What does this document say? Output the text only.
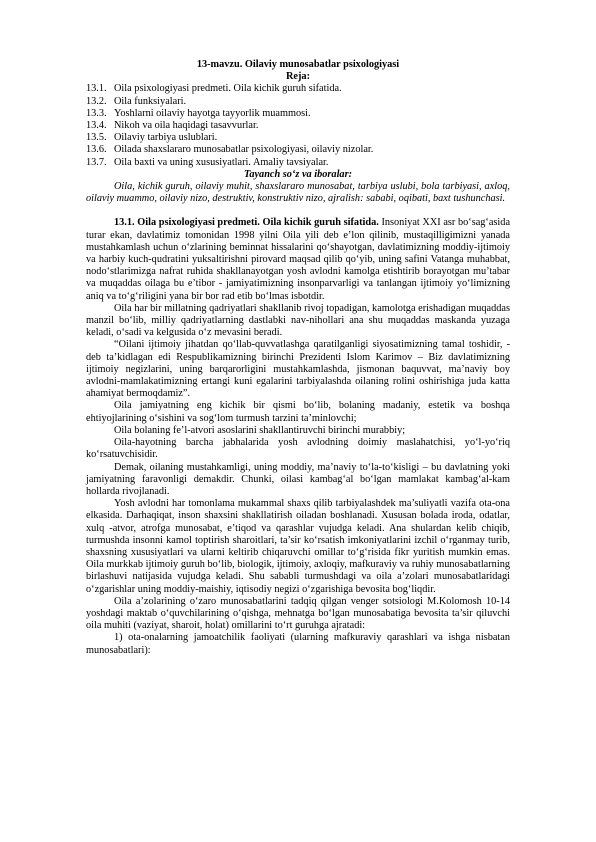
13-mavzu. Oilaviy munosabatlar psixologiyasi
Reja:
13.1. Oila psixologiyasi predmeti. Oila kichik guruh sifatida.
13.2. Oila funksiyalari.
13.3. Yoshlarni oilaviy hayotga tayyorlik muammosi.
13.4. Nikoh va oila haqidagi tasavvurlar.
13.5. Oilaviy tarbiya uslublari.
13.6. Oilada shaxslararo munosabatlar psixologiyasi, oilaviy nizolar.
13.7. Oila baxti va uning xususiyatlari. Amaliy tavsiyalar.
Tayanch so‘z va iboralar:

Oila, kichik guruh, oilaviy muhit, shaxslararo munosabat, tarbiya uslubi, bola tarbiyasi, axloq, oilaviy muammo, oilaviy nizo, destruktiv, konstruktiv nizo, ajralish: sababi, oqibati, baxt tushunchasi.

13.1. Oila psixologiyasi predmeti. Oila kichik guruh sifatida. Insoniyat XXI asr bo‘sag‘asida turar ekan, davlatimiz tomonidan 1998 yilni Oila yili deb e’lon qilinib, mustaqilligimizni yanada mustahkamlash uchun o‘zlarining beminnat hissalarini qo‘shayotgan, davlatimizning moddiy-ijtimoiy va harbiy kuch-qudratini yuksaltirishni pirovard maqsad qilib qo‘yib, uning safini Vatanga muhabbat, nodo‘stlarimizga nafrat ruhida shakllanayotgan yosh avlodni kamolga etishtirib borayotgan mu’tabar va muqaddas oilaga bu e’tibor - jamiyatimizning insonparvarligi va tanlangan ijtimoiy yo‘limizning aniq va to‘g‘riligini yana bir bor rad etib bo‘lmas isbotdir.

Oila har bir millatning qadriyatlari shakllanib rivoj topadigan, kamolotga erishadigan muqaddas manzil bo‘lib, milliy qadriyatlarning dastlabki nav-nihollari ana shu muqaddas maskanda yuzaga keladi, o‘sadi va kelgusida o‘z mevasini beradi.

“Oilani ijtimoiy jihatdan qo‘llab-quvvatlashga qaratilganligi siyosatimizning tamal toshidir, - deb ta’kidlagan edi Respublikamizning birinchi Prezidenti Islom Karimov – Biz davlatimizning ijtimoiy negizlarini, uning barqarorligini mustahkamlashda, jismonan baquvvat, ma’naviy boy avlodni-mamlakatimizning ertangi kuni egalarini tarbiyalashda oilaning rolini oshirishiga juda katta ahamiyat bermoqdamiz”.

Oila jamiyatning eng kichik bir qismi bo‘lib, bolaning madaniy, estetik va boshqa ehtiyojlarining o‘sishini va sog‘lom turmush tarzini ta’minlovchi;

Oila bolaning fe’l-atvori asoslarini shakllantiruvchi birinchi murabbiy;

Oila-hayotning barcha jabhalarida yosh avlodning doimiy maslahatchisi, yo‘l-yo‘riq ko‘rsatuvchisidir.

Demak, oilaning mustahkamligi, uning moddiy, ma’naviy to‘la-to‘kisligi – bu davlatning yoki jamiyatning faravonligi demakdir. Chunki, oilasi kambag‘al bo‘lgan mamlakat kambag‘al-kam hollarda rivojlanadi.

Yosh avlodni har tomonlama mukammal shaxs qilib tarbiyalashdek ma’suliyatli vazifa ota-ona elkasida. Darhaqiqat, inson shaxsini shakllatirish oiladan boshlanadi. Xususan bolada iroda, odatlar, xulq -atvor, atrofga munosabat, e’tiqod va qarashlar vujudga keladi. Ana shulardan kelib chiqib, turmushda insonni kamol toptirish sharoitlari, ta’sir ko‘rsatish imkoniyatlarini izchil o‘rganmay turib, shaxsning xususiyatlari va ularni keltirib chiqaruvchi omillar to‘g‘risida fikr yuritish mumkin emas. Oila murkkab ijtimoiy guruh bo‘lib, biologik, ijtimoiy, axloqiy, mafkuraviy va ruhiy munosabatlarning birlashuvi natijasida vujudga keladi. Shu sababli turmushdagi va oila a’zolari munosabatlaridagi o‘zgarishlar uning moddiy-maishiy, iqtisodiy negizi o‘zgarishiga bevosita bog‘liqdir.

Oila a’zolarining o‘zaro munosabatlarini tadqiq qilgan venger sotsiologi M.Kolomosh 10-14 yoshdagi maktab o‘quvchilarining o‘qishga, mehnatga bo‘lgan munosabatiga bevosita ta’sir qiluvchi oila muhiti (vaziyat, sharoit, holat) omillarini to‘rt guruhga ajratadi:

1) ota-onalarning jamoatchilik faoliyati (ularning mafkuraviy qarashlari va ishga nisbatan munosabatlari):
